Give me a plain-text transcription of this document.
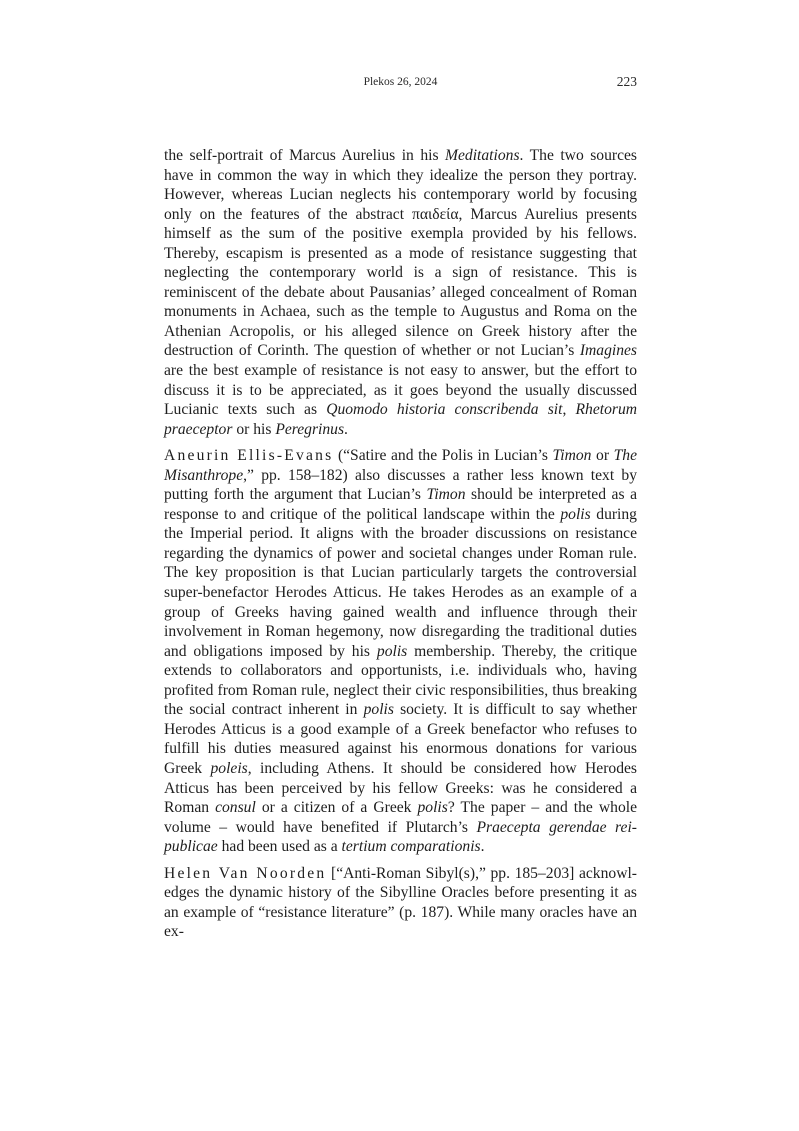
Plekos 26, 2024	223

the self-portrait of Marcus Aurelius in his Meditations. The two sources have in common the way in which they idealize the person they portray. However, whereas Lucian neglects his contemporary world by focusing only on the features of the abstract παιδεία, Marcus Aurelius presents himself as the sum of the positive exempla provided by his fellows. Thereby, escapism is presented as a mode of resistance suggesting that neglecting the contemporary world is a sign of resistance. This is reminiscent of the debate about Pausanias’ alleged concealment of Roman monuments in Achaea, such as the temple to Augustus and Roma on the Athenian Acropolis, or his alleged silence on Greek history after the destruction of Corinth. The question of whether or not Lucian’s Imagines are the best example of resistance is not easy to answer, but the effort to discuss it is to be appreciated, as it goes beyond the usually discussed Lucianic texts such as Quomodo historia conscribenda sit, Rhetorum praeceptor or his Peregrinus.

Aneurin Ellis-Evans (“Satire and the Polis in Lucian’s Timon or The Misanthrope,” pp. 158–182) also discusses a rather less known text by putting forth the argument that Lucian’s Timon should be interpreted as a response to and critique of the political landscape within the polis during the Imperial period. It aligns with the broader discussions on resistance regarding the dynamics of power and societal changes under Roman rule. The key proposition is that Lucian particularly targets the controversial super-benefactor Herodes Atticus. He takes Herodes as an example of a group of Greeks having gained wealth and influence through their involvement in Roman hegemony, now disregarding the traditional duties and obligations imposed by his polis membership. Thereby, the critique extends to collaborators and opportunists, i.e. individuals who, having profited from Roman rule, neglect their civic responsibilities, thus breaking the social contract inherent in polis society. It is difficult to say whether Herodes Atticus is a good example of a Greek benefactor who refuses to fulfill his duties measured against his enormous donations for various Greek poleis, including Athens. It should be considered how Herodes Atticus has been perceived by his fellow Greeks: was he considered a Roman consul or a citizen of a Greek polis? The paper – and the whole volume – would have benefited if Plutarch’s Praecepta gerendae reipublicae had been used as a tertium comparationis.

Helen Van Noorden [“Anti-Roman Sibyl(s),” pp. 185–203] acknowledges the dynamic history of the Sibylline Oracles before presenting it as an example of “resistance literature” (p. 187). While many oracles have an ex-
